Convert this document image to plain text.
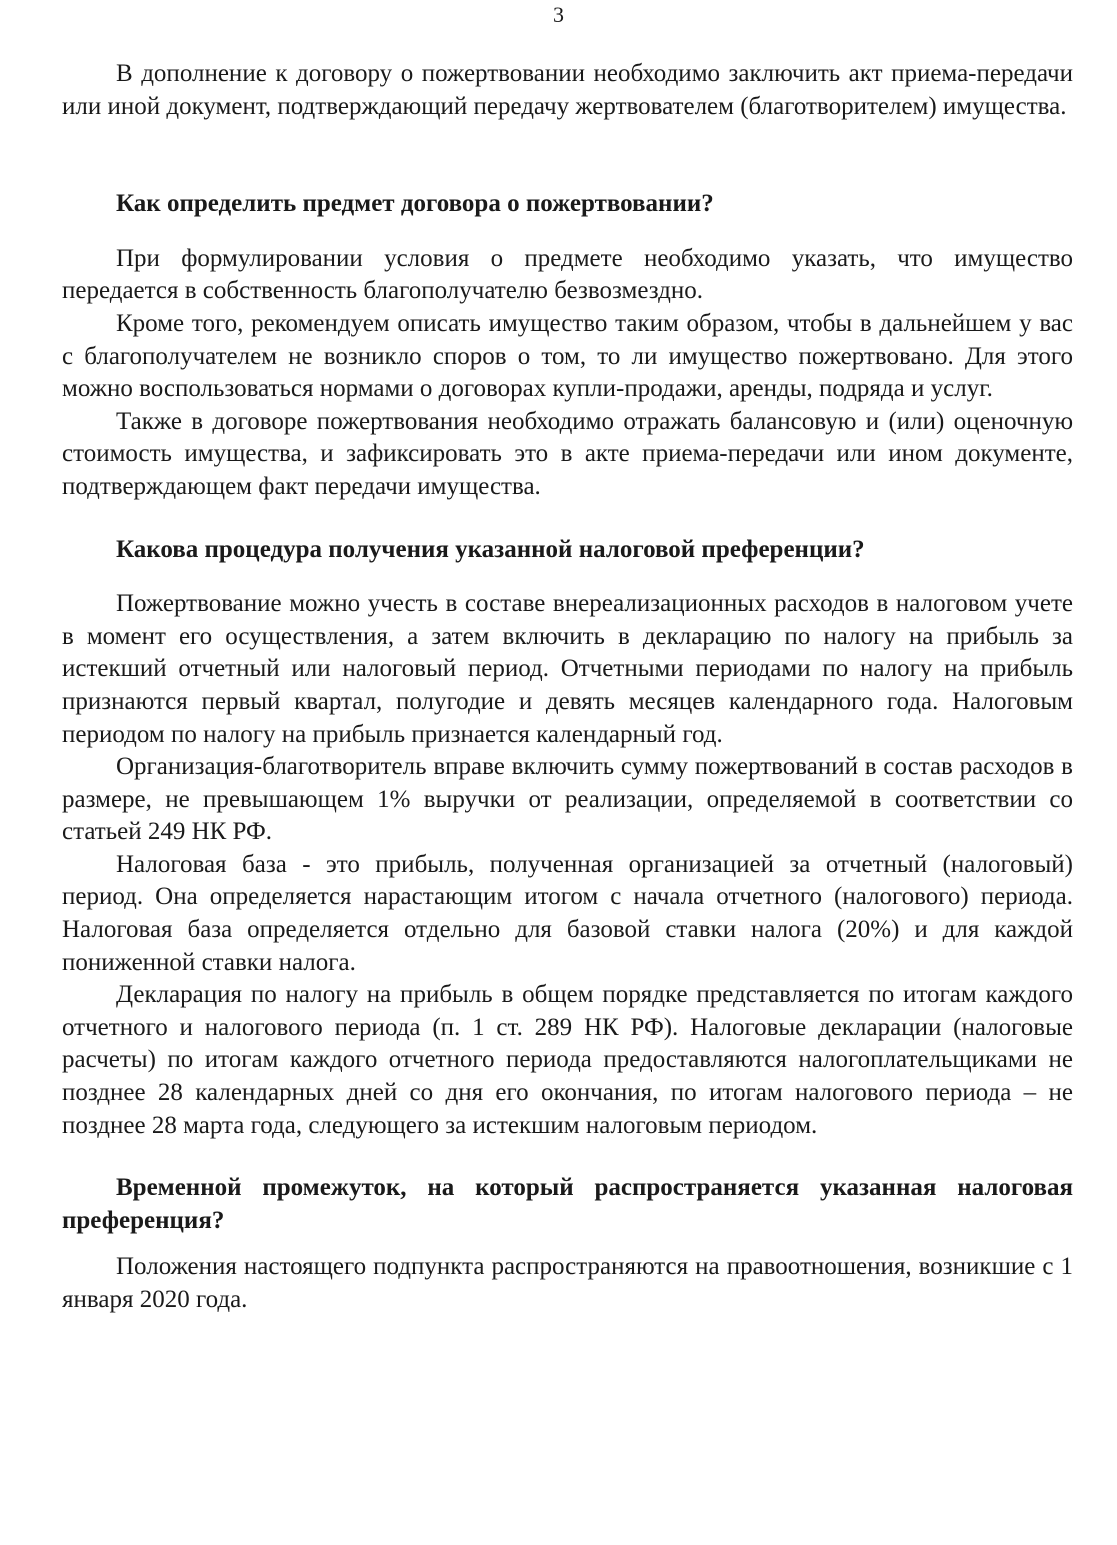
3

В дополнение к договору о пожертвовании необходимо заключить акт приема-передачи или иной документ, подтверждающий передачу жертвователем (благотворителем) имущества.

Как определить предмет договора о пожертвовании?

При формулировании условия о предмете необходимо указать, что имущество передается в собственность благополучателю безвозмездно.

Кроме того, рекомендуем описать имущество таким образом, чтобы в дальнейшем у вас с благополучателем не возникло споров о том, то ли имущество пожертвовано. Для этого можно воспользоваться нормами о договорах купли-продажи, аренды, подряда и услуг.

Также в договоре пожертвования необходимо отражать балансовую и (или) оценочную стоимость имущества, и зафиксировать это в акте приема-передачи или ином документе, подтверждающем факт передачи имущества.

Какова процедура получения указанной налоговой преференции?

Пожертвование можно учесть в составе внереализационных расходов в налоговом учете в момент его осуществления, а затем включить в декларацию по налогу на прибыль за истекший отчетный или налоговый период. Отчетными периодами по налогу на прибыль признаются первый квартал, полугодие и девять месяцев календарного года. Налоговым периодом по налогу на прибыль признается календарный год.

Организация-благотворитель вправе включить сумму пожертвований в состав расходов в размере, не превышающем 1% выручки от реализации, определяемой в соответствии со статьей 249 НК РФ.

Налоговая база - это прибыль, полученная организацией за отчетный (налоговый) период. Она определяется нарастающим итогом с начала отчетного (налогового) периода. Налоговая база определяется отдельно для базовой ставки налога (20%) и для каждой пониженной ставки налога.

Декларация по налогу на прибыль в общем порядке представляется по итогам каждого отчетного и налогового периода (п. 1 ст. 289 НК РФ). Налоговые декларации (налоговые расчеты) по итогам каждого отчетного периода предоставляются налогоплательщиками не позднее 28 календарных дней со дня его окончания, по итогам налогового периода – не позднее 28 марта года, следующего за истекшим налоговым периодом.

Временной промежуток, на который распространяется указанная налоговая преференция?

Положения настоящего подпункта распространяются на правоотношения, возникшие с 1 января 2020 года.
